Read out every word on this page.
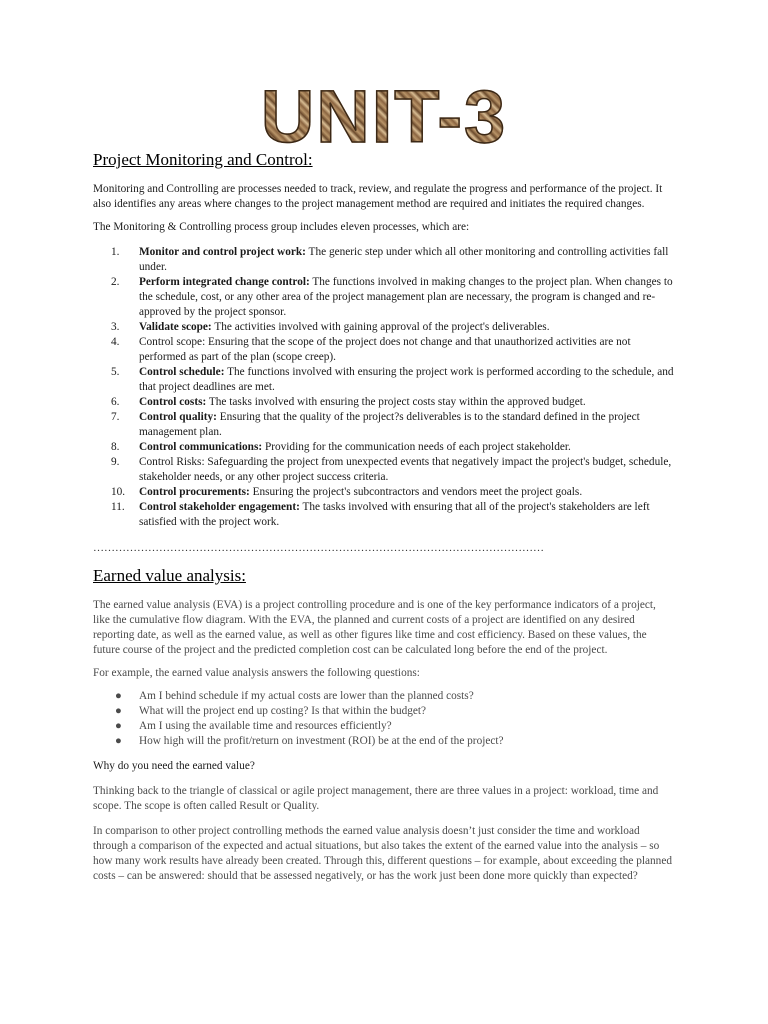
UNIT-3
Project Monitoring and Control:

Monitoring and Controlling are processes needed to track, review, and regulate the progress and performance of the project. It also identifies any areas where changes to the project management method are required and initiates the required changes.

The Monitoring & Controlling process group includes eleven processes, which are:

1. Monitor and control project work: The generic step under which all other monitoring and controlling activities fall under.
2. Perform integrated change control: The functions involved in making changes to the project plan. When changes to the schedule, cost, or any other area of the project management plan are necessary, the program is changed and re-approved by the project sponsor.
3. Validate scope: The activities involved with gaining approval of the project's deliverables.
4. Control scope: Ensuring that the scope of the project does not change and that unauthorized activities are not performed as part of the plan (scope creep).
5. Control schedule: The functions involved with ensuring the project work is performed according to the schedule, and that project deadlines are met.
6. Control costs: The tasks involved with ensuring the project costs stay within the approved budget.
7. Control quality: Ensuring that the quality of the project?s deliverables is to the standard defined in the project management plan.
8. Control communications: Providing for the communication needs of each project stakeholder.
9. Control Risks: Safeguarding the project from unexpected events that negatively impact the project's budget, schedule, stakeholder needs, or any other project success criteria.
10. Control procurements: Ensuring the project's subcontractors and vendors meet the project goals.
11. Control stakeholder engagement: The tasks involved with ensuring that all of the project's stakeholders are left satisfied with the project work.
……………………………………………………………………………………………………………
Earned value analysis:

The earned value analysis (EVA) is a project controlling procedure and is one of the key performance indicators of a project, like the cumulative flow diagram. With the EVA, the planned and current costs of a project are identified on any desired reporting date, as well as the earned value, as well as other figures like time and cost efficiency. Based on these values, the future course of the project and the predicted completion cost can be calculated long before the end of the project.

For example, the earned value analysis answers the following questions:

● Am I behind schedule if my actual costs are lower than the planned costs?
● What will the project end up costing? Is that within the budget?
● Am I using the available time and resources efficiently?
● How high will the profit/return on investment (ROI) be at the end of the project?

Why do you need the earned value?

Thinking back to the triangle of classical or agile project management, there are three values in a project: workload, time and scope. The scope is often called Result or Quality.

In comparison to other project controlling methods the earned value analysis doesn’t just consider the time and workload through a comparison of the expected and actual situations, but also takes the extent of the earned value into the analysis – so how many work results have already been created. Through this, different questions – for example, about exceeding the planned costs – can be answered: should that be assessed negatively, or has the work just been done more quickly than expected?
